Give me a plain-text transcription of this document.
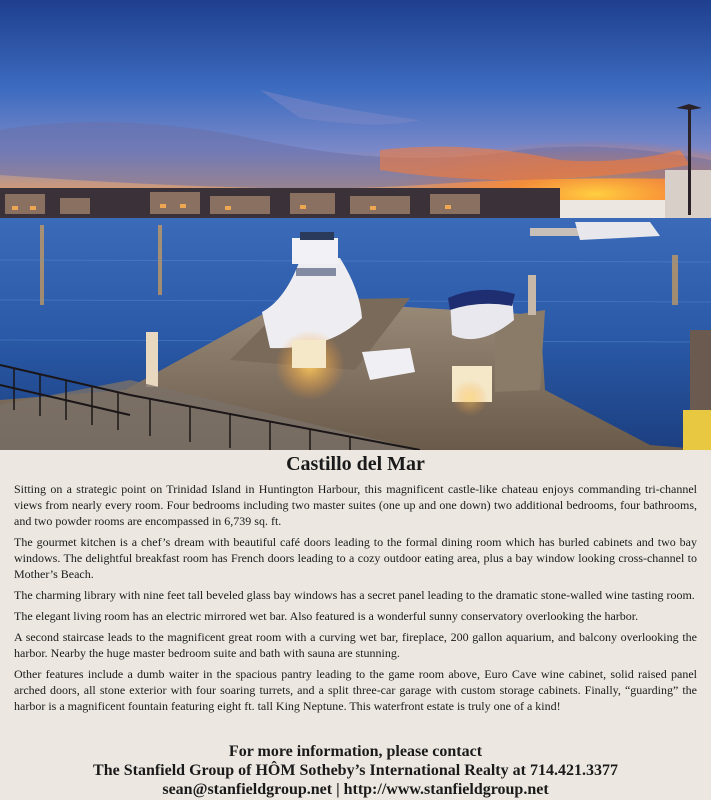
Castillo del Mar

Sitting on a strategic point on Trinidad Island in Huntington Harbour, this magnificent castle-like chateau enjoys commanding tri-channel views from nearly every room. Four bedrooms including two master suites (one up and one down) two additional bedrooms, four bathrooms, and two powder rooms are encompassed in 6,739 sq. ft.

The gourmet kitchen is a chef’s dream with beautiful café doors leading to the formal dining room which has burled cabinets and two bay windows. The delightful breakfast room has French doors leading to a cozy outdoor eating area, plus a bay window looking cross-channel to Mother’s Beach.

The charming library with nine feet tall beveled glass bay windows has a secret panel leading to the dramatic stone-walled wine tasting room.

The elegant living room has an electric mirrored wet bar. Also featured is a wonderful sunny conservatory overlooking the harbor.

A second staircase leads to the magnificent great room with a curving wet bar, fireplace, 200 gallon aquarium, and balcony overlooking the harbor. Nearby the huge master bedroom suite and bath with sauna are stunning.

Other features include a dumb waiter in the spacious pantry leading to the game room above, Euro Cave wine cabinet, solid raised panel arched doors, all stone exterior with four soaring turrets, and a split three-car garage with custom storage cabinets. Finally, “guarding” the harbor is a magnificent fountain featuring eight ft. tall King Neptune. This waterfront estate is truly one of a kind!

For more information, please contact
The Stanfield Group of HÔM Sotheby’s International Realty at 714.421.3377
sean@stanfieldgroup.net | http://www.stanfieldgroup.net
